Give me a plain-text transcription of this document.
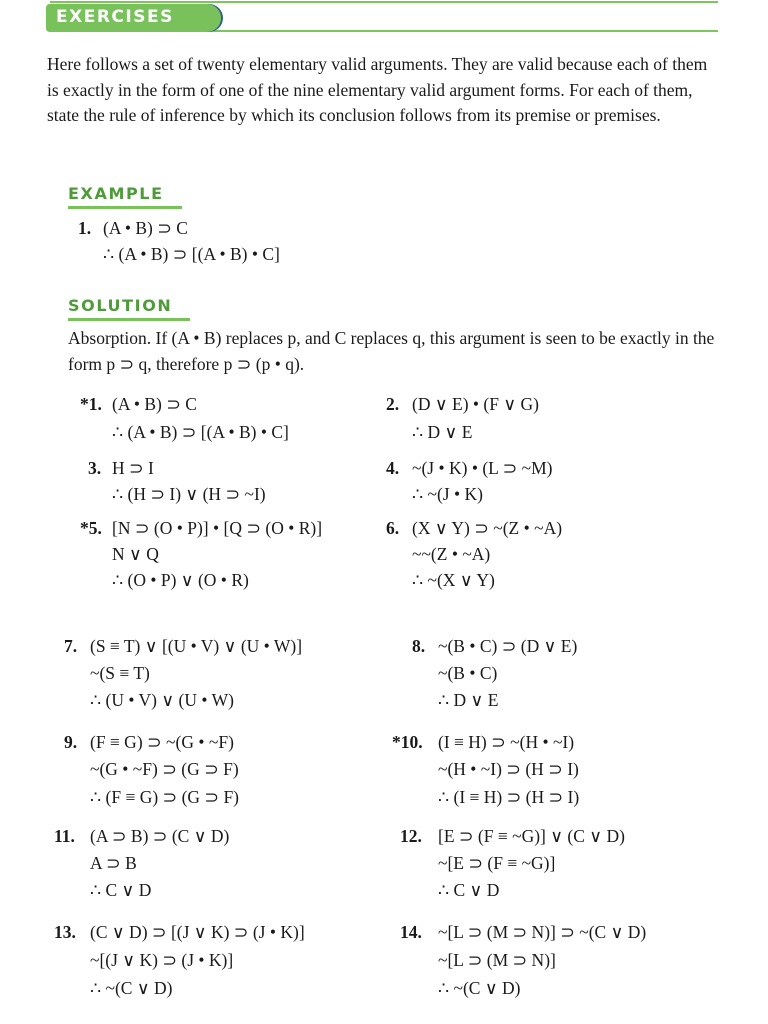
EXERCISES

Here follows a set of twenty elementary valid arguments. They are valid because each of them is exactly in the form of one of the nine elementary valid argument forms. For each of them, state the rule of inference by which its conclusion follows from its premise or premises.

EXAMPLE
1. (A • B) ⊃ C
∴ (A • B) ⊃ [(A • B) • C]
SOLUTION

Absorption. If (A • B) replaces p, and C replaces q, this argument is seen to be exactly in the form p ⊃ q, therefore p ⊃ (p • q).

*1. (A • B) ⊃ C
∴ (A • B) ⊃ [(A • B) • C]
2. (D ∨ E) • (F ∨ G)
∴ D ∨ E
3. H ⊃ I
∴ (H ⊃ I) ∨ (H ⊃ ~I)
4. ~(J • K) • (L ⊃ ~M)
∴ ~(J • K)
*5. [N ⊃ (O • P)] • [Q ⊃ (O • R)]
N ∨ Q
∴ (O • P) ∨ (O • R)
6. (X ∨ Y) ⊃ ~(Z • ~A)
~~(Z • ~A)
∴ ~(X ∨ Y)
7. (S ≡ T) ∨ [(U • V) ∨ (U • W)]
~(S ≡ T)
∴ (U • V) ∨ (U • W)
8. ~(B • C) ⊃ (D ∨ E)
~(B • C)
∴ D ∨ E
9. (F ≡ G) ⊃ ~(G • ~F)
~(G • ~F) ⊃ (G ⊃ F)
∴ (F ≡ G) ⊃ (G ⊃ F)
*10. (I ≡ H) ⊃ ~(H • ~I)
~(H • ~I) ⊃ (H ⊃ I)
∴ (I ≡ H) ⊃ (H ⊃ I)
11. (A ⊃ B) ⊃ (C ∨ D)
A ⊃ B
∴ C ∨ D
12. [E ⊃ (F ≡ ~G)] ∨ (C ∨ D)
~[E ⊃ (F ≡ ~G)]
∴ C ∨ D
13. (C ∨ D) ⊃ [(J ∨ K) ⊃ (J • K)]
~[(J ∨ K) ⊃ (J • K)]
∴ ~(C ∨ D)
14. ~[L ⊃ (M ⊃ N)] ⊃ ~(C ∨ D)
~[L ⊃ (M ⊃ N)]
∴ ~(C ∨ D)
